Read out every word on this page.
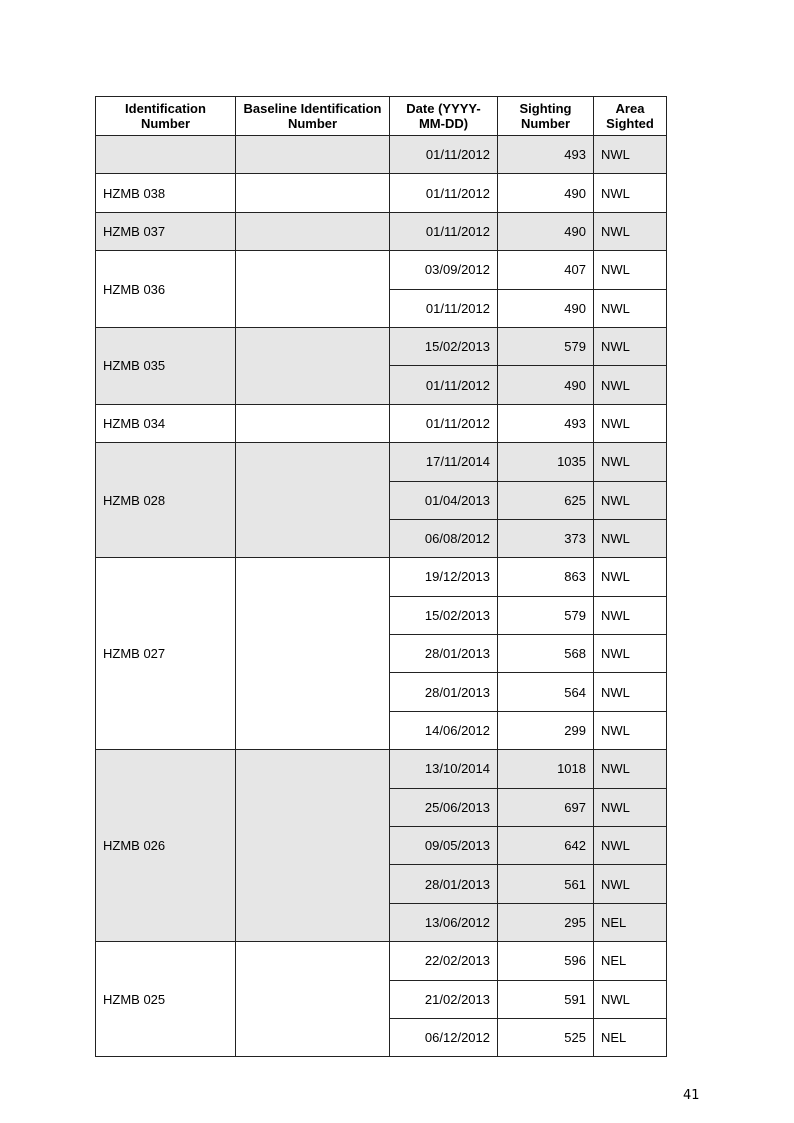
Identification Number	Baseline Identification Number	Date (YYYY-MM-DD)	Sighting Number	Area Sighted
		01/11/2012	493	NWL
HZMB 038		01/11/2012	490	NWL
HZMB 037		01/11/2012	490	NWL
HZMB 036		03/09/2012	407	NWL
		01/11/2012	490	NWL
HZMB 035		15/02/2013	579	NWL
		01/11/2012	490	NWL
HZMB 034		01/11/2012	493	NWL
HZMB 028		17/11/2014	1035	NWL
		01/04/2013	625	NWL
		06/08/2012	373	NWL
HZMB 027		19/12/2013	863	NWL
		15/02/2013	579	NWL
		28/01/2013	568	NWL
		28/01/2013	564	NWL
		14/06/2012	299	NWL
HZMB 026		13/10/2014	1018	NWL
		25/06/2013	697	NWL
		09/05/2013	642	NWL
		28/01/2013	561	NWL
		13/06/2012	295	NEL
HZMB 025		22/02/2013	596	NEL
		21/02/2013	591	NWL
		06/12/2012	525	NEL
41
